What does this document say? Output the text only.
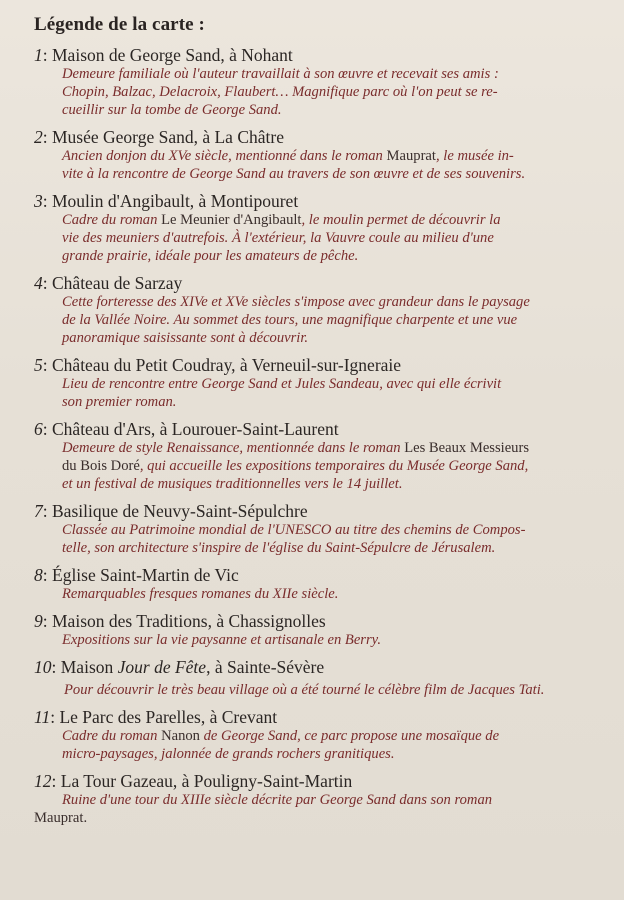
Légende de la carte :
1: Maison de George Sand, à Nohant
Demeure familiale où l'auteur travaillait à son œuvre et recevait ses amis :
Chopin, Balzac, Delacroix, Flaubert… Magnifique parc où l'on peut se re-
cueillir sur la tombe de George Sand.
2: Musée George Sand, à La Châtre
Ancien donjon du XVe siècle, mentionné dans le roman Mauprat, le musée in-
vite à la rencontre de George Sand au travers de son œuvre et de ses souvenirs.
3: Moulin d'Angibault, à Montipouret
Cadre du roman Le Meunier d'Angibault, le moulin permet de découvrir la
vie des meuniers d'autrefois. À l'extérieur, la Vauvre coule au milieu d'une
grande prairie, idéale pour les amateurs de pêche.
4: Château de Sarzay
Cette forteresse des XIVe et XVe siècles s'impose avec grandeur dans le paysage
de la Vallée Noire. Au sommet des tours, une magnifique charpente et une vue
panoramique saisissante sont à découvrir.
5: Château du Petit Coudray, à Verneuil-sur-Igneraie
Lieu de rencontre entre George Sand et Jules Sandeau, avec qui elle écrivit
son premier roman.
6: Château d'Ars, à Lourouer-Saint-Laurent
Demeure de style Renaissance, mentionnée dans le roman Les Beaux Messieurs
du Bois Doré, qui accueille les expositions temporaires du Musée George Sand,
et un festival de musiques traditionnelles vers le 14 juillet.
7: Basilique de Neuvy-Saint-Sépulchre
Classée au Patrimoine mondial de l'UNESCO au titre des chemins de Compos-
telle, son architecture s'inspire de l'église du Saint-Sépulcre de Jérusalem.
8: Église Saint-Martin de Vic
Remarquables fresques romanes du XIIe siècle.
9: Maison des Traditions, à Chassignolles
Expositions sur la vie paysanne et artisanale en Berry.
10: Maison Jour de Fête, à Sainte-Sévère
Pour découvrir le très beau village où a été tourné le célèbre film de Jacques Tati.
11: Le Parc des Parelles, à Crevant
Cadre du roman Nanon de George Sand, ce parc propose une mosaïque de
micro-paysages, jalonnée de grands rochers granitiques.
12: La Tour Gazeau, à Pouligny-Saint-Martin
Ruine d'une tour du XIIIe siècle décrite par George Sand dans son roman
Mauprat.
